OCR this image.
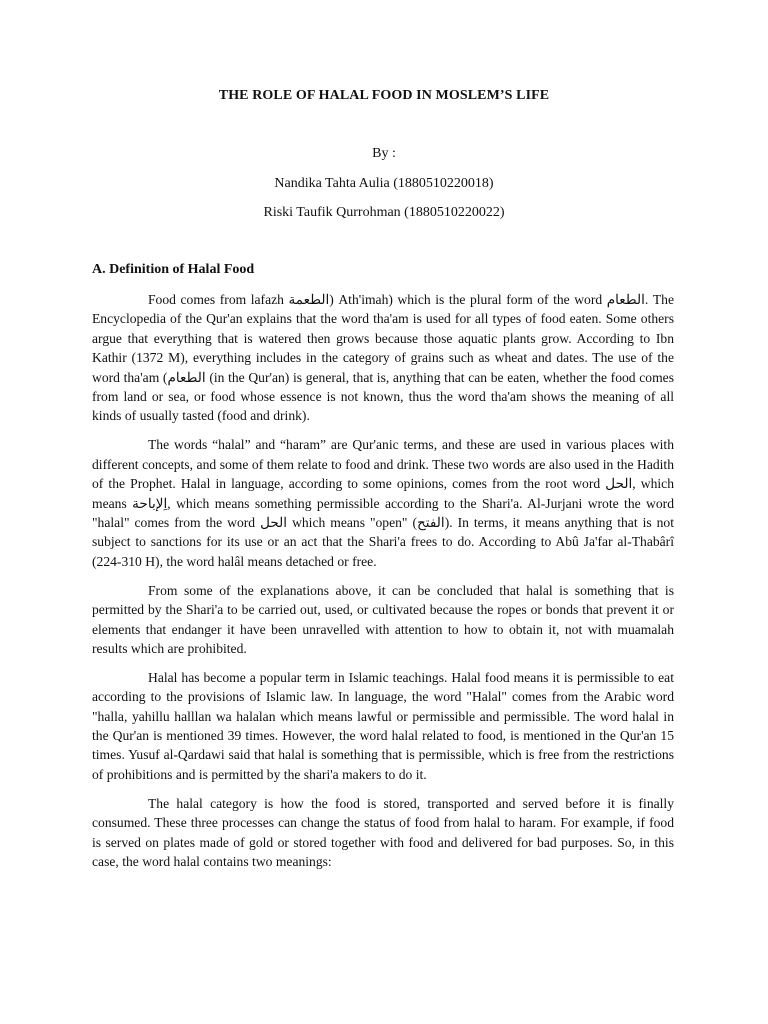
THE ROLE OF HALAL FOOD IN MOSLEM’S LIFE
By :
Nandika Tahta Aulia (1880510220018)
Riski Taufik Qurrohman (1880510220022)
A. Definition of Halal Food

Food comes from lafazh الطعمة) Ath'imah) which is the plural form of the word الطعام. The Encyclopedia of the Qur'an explains that the word tha'am is used for all types of food eaten. Some others argue that everything that is watered then grows because those aquatic plants grow. According to Ibn Kathir (1372 M), everything includes in the category of grains such as wheat and dates. The use of the word tha'am (الطعام (in the Qur'an) is general, that is, anything that can be eaten, whether the food comes from land or sea, or food whose essence is not known, thus the word tha'am shows the meaning of all kinds of usually tasted (food and drink).

The words “halal” and “haram” are Qur'anic terms, and these are used in various places with different concepts, and some of them relate to food and drink. These two words are also used in the Hadith of the Prophet. Halal in language, according to some opinions, comes from the root word الحل, which means اِلإباحة, which means something permissible according to the Shari'a. Al-Jurjani wrote the word "halal" comes from the word الحل which means "open" (الفتح). In terms, it means anything that is not subject to sanctions for its use or an act that the Shari'a frees to do. According to Abû Ja'far al-Thabârî (224-310 H), the word halâl means detached or free.

From some of the explanations above, it can be concluded that halal is something that is permitted by the Shari'a to be carried out, used, or cultivated because the ropes or bonds that prevent it or elements that endanger it have been unravelled with attention to how to obtain it, not with muamalah results which are prohibited.

Halal has become a popular term in Islamic teachings. Halal food means it is permissible to eat according to the provisions of Islamic law. In language, the word "Halal" comes from the Arabic word "halla, yahillu halllan wa halalan which means lawful or permissible and permissible. The word halal in the Qur'an is mentioned 39 times. However, the word halal related to food, is mentioned in the Qur'an 15 times. Yusuf al-Qardawi said that halal is something that is permissible, which is free from the restrictions of prohibitions and is permitted by the shari'a makers to do it.

The halal category is how the food is stored, transported and served before it is finally consumed. These three processes can change the status of food from halal to haram. For example, if food is served on plates made of gold or stored together with food and delivered for bad purposes. So, in this case, the word halal contains two meanings:
